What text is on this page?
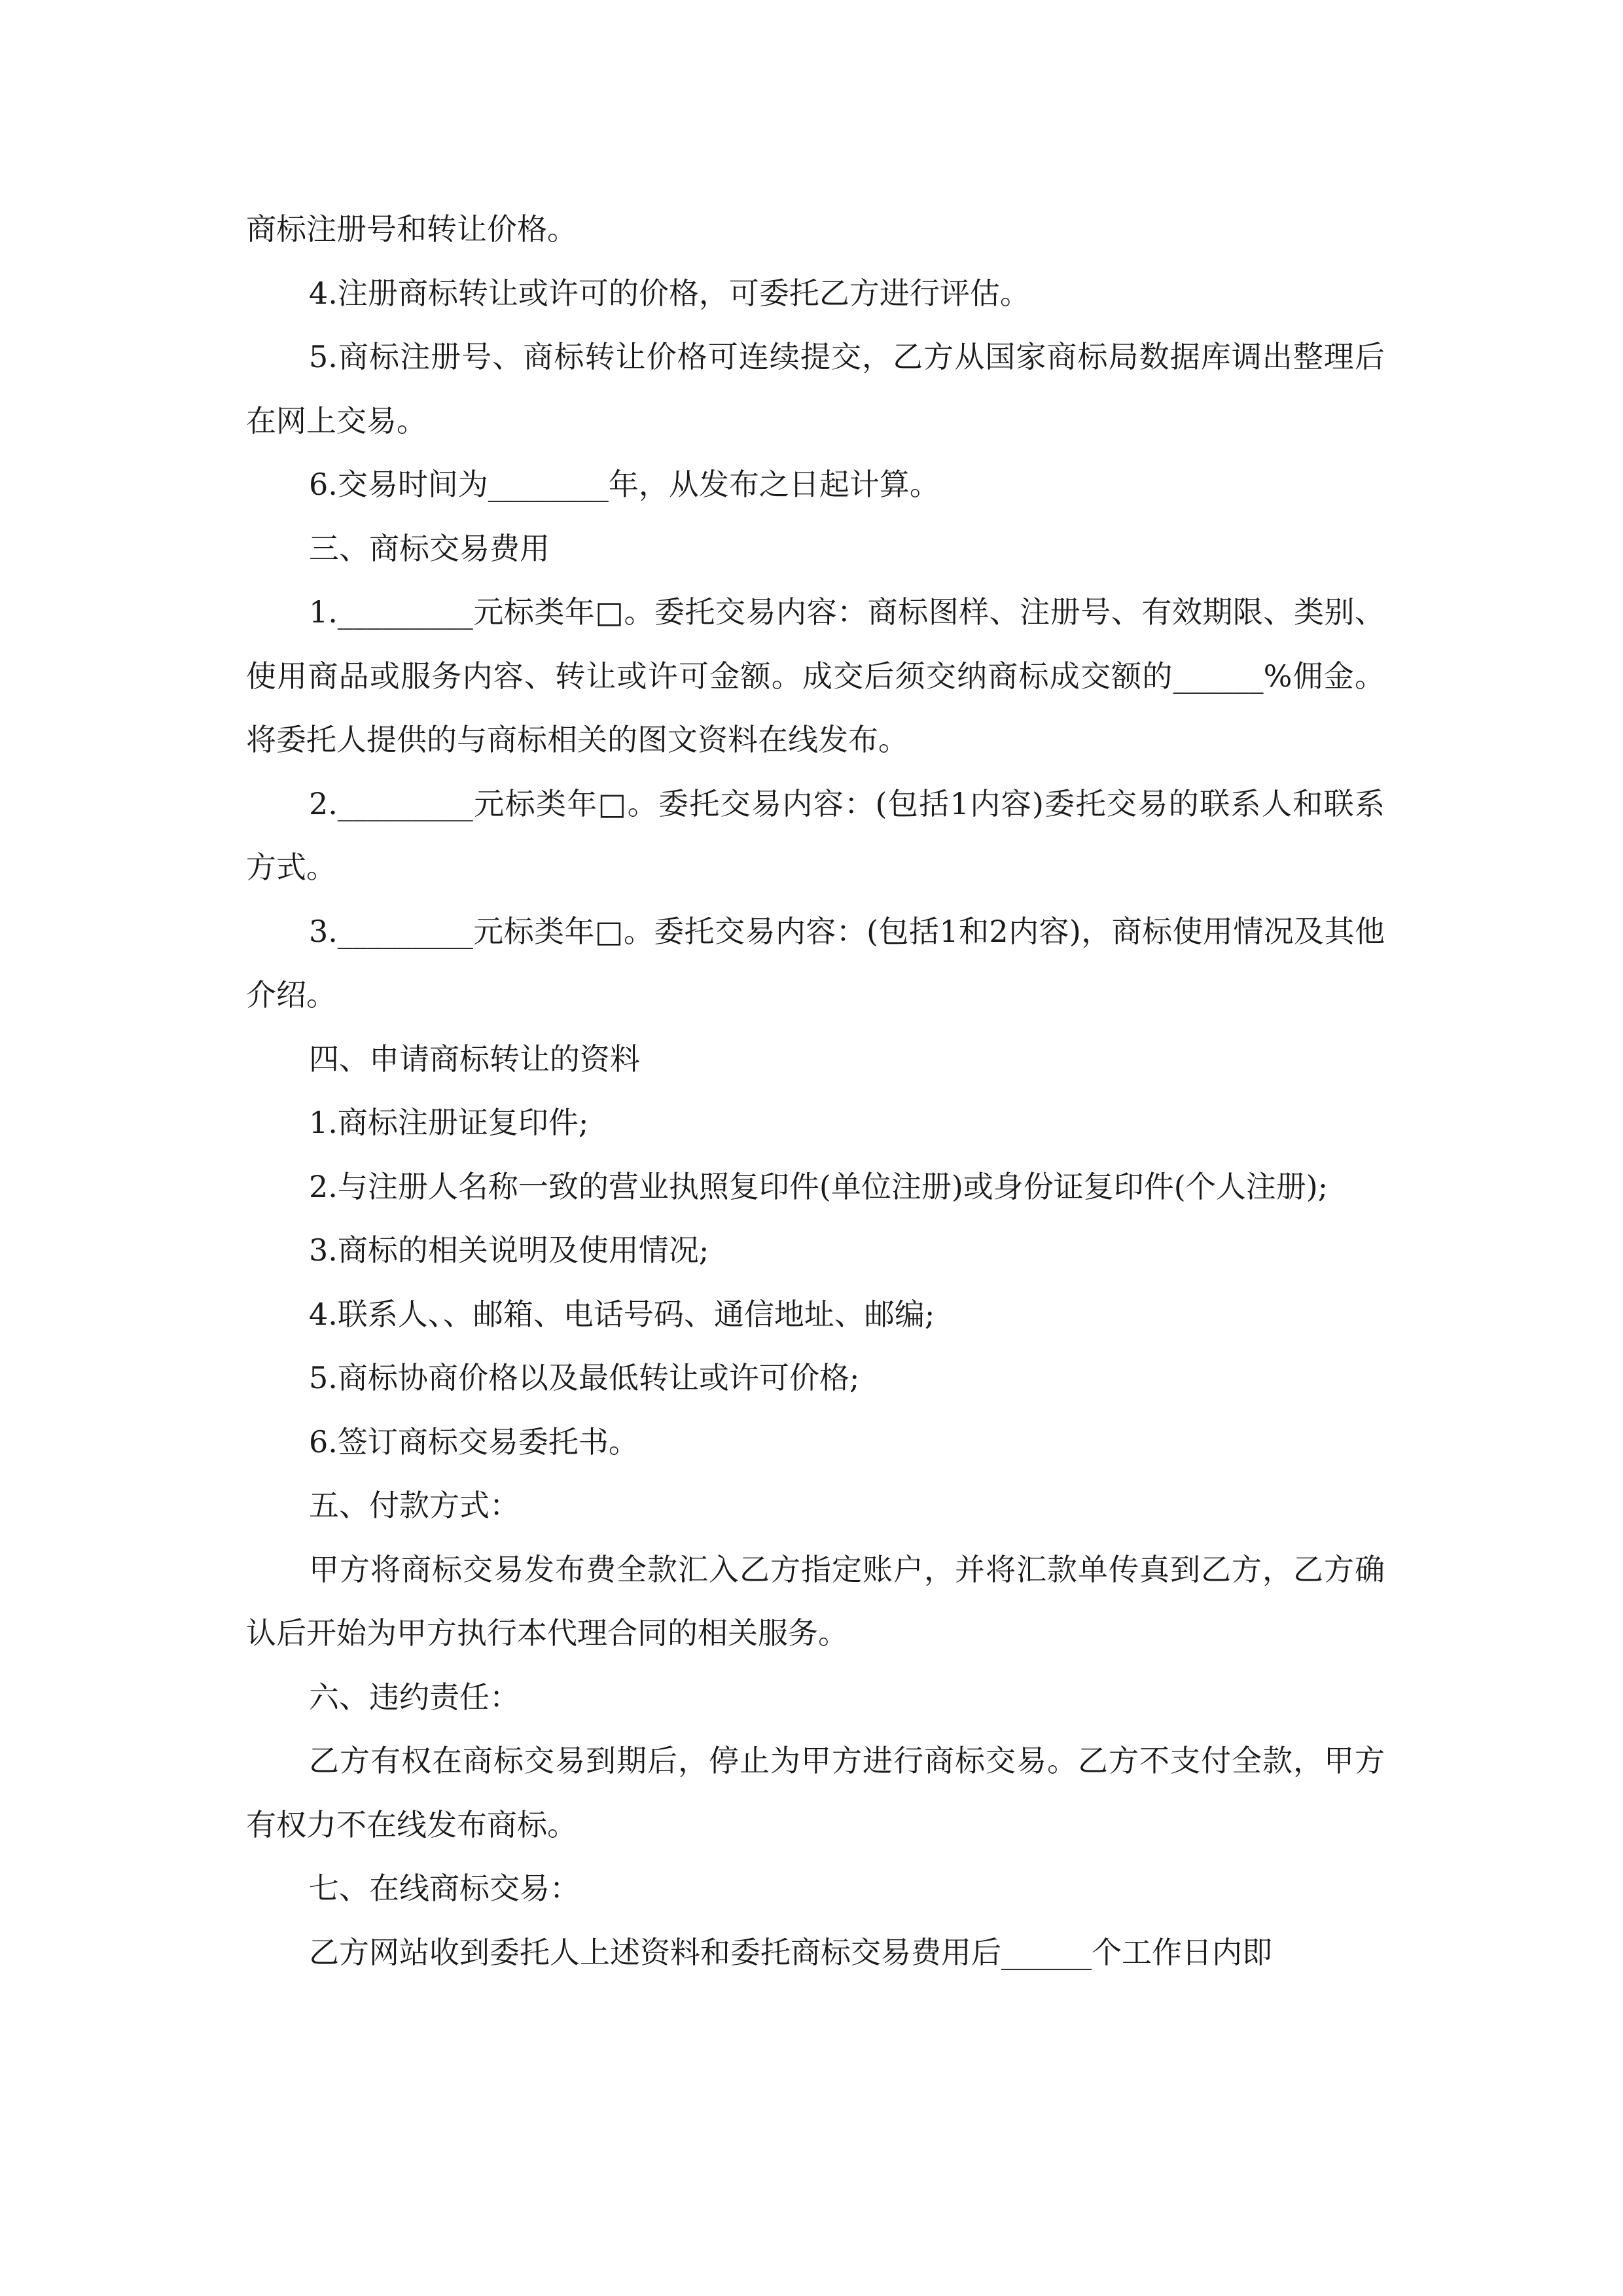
商标注册号和转让价格。

4.注册商标转让或许可的价格，可委托乙方进行评估。

5.商标注册号、商标转让价格可连续提交，乙方从国家商标局数据库调出整理后在网上交易。

6.交易时间为________年，从发布之日起计算。

三、商标交易费用

1._________元标类年□。委托交易内容：商标图样、注册号、有效期限、类别、使用商品或服务内容、转让或许可金额。成交后须交纳商标成交额的______%佣金。将委托人提供的与商标相关的图文资料在线发布。

2._________元标类年□。委托交易内容：(包括1内容)委托交易的联系人和联系方式。

3._________元标类年□。委托交易内容：(包括1和2内容)，商标使用情况及其他介绍。

四、申请商标转让的资料

1.商标注册证复印件;

2.与注册人名称一致的营业执照复印件(单位注册)或身份证复印件(个人注册);

3.商标的相关说明及使用情况;

4.联系人、、邮箱、电话号码、通信地址、邮编;

5.商标协商价格以及最低转让或许可价格;

6.签订商标交易委托书。

五、付款方式：

甲方将商标交易发布费全款汇入乙方指定账户，并将汇款单传真到乙方，乙方确认后开始为甲方执行本代理合同的相关服务。

六、违约责任：

乙方有权在商标交易到期后，停止为甲方进行商标交易。乙方不支付全款，甲方有权力不在线发布商标。

七、在线商标交易：

乙方网站收到委托人上述资料和委托商标交易费用后______个工作日内即
